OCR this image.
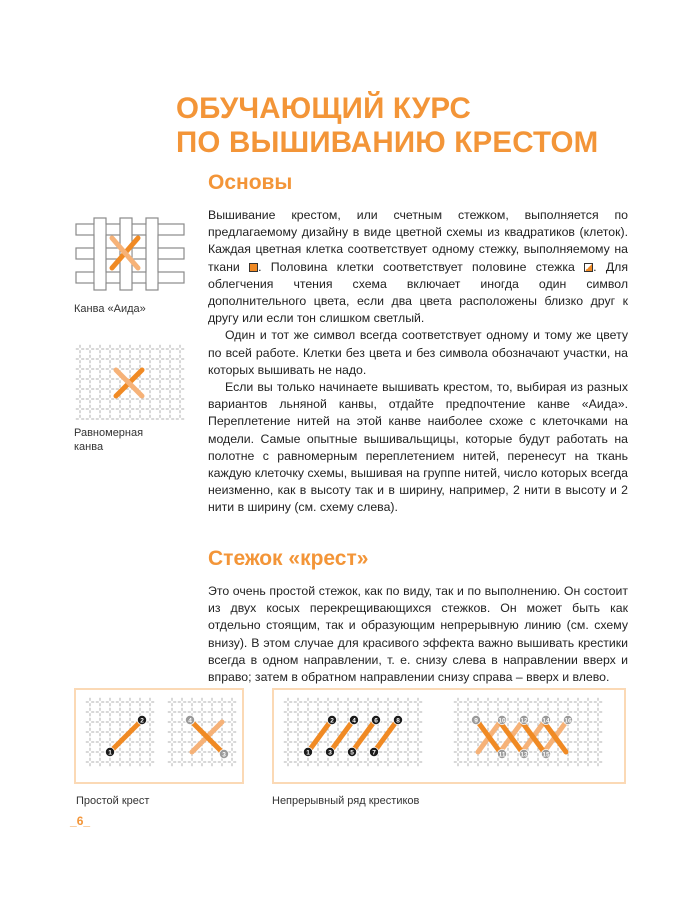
ОБУЧАЮЩИЙ КУРС
ПО ВЫШИВАНИЮ КРЕСТОМ
Основы
Канва «Аида»
Равномерная канва

Вышивание крестом, или счетным стежком, выполняется по предлагаемому дизайну в виде цветной схемы из квадратиков (клеток). Каждая цветная клетка соответствует одному стежку, выполняемому на ткани . Половина клетки соответствует половине стежка . Для облегчения чтения схема включает иногда один символ дополнительного цвета, если два цвета расположены близко друг к другу или если тон слишком светлый.

Один и тот же символ всегда соответствует одному и тому же цвету по всей работе. Клетки без цвета и без символа обозначают участки, на которых вышивать не надо.

Если вы только начинаете вышивать крестом, то, выбирая из разных вариантов льняной канвы, отдайте предпочтение канве «Аида». Переплетение нитей на этой канве наиболее схоже с клеточками на модели. Самые опытные вышивальщицы, которые будут работать на полотне с равномерным переплетением нитей, перенесут на ткань каждую клеточку схемы, вышивая на группе нитей, число которых всегда неизменно, как в высоту так и в ширину, например, 2 нити в высоту и 2 нити в ширину (см. схему слева).

Стежок «крест»

Это очень простой стежок, как по виду, так и по выполнению. Он состоит из двух косых перекрещивающихся стежков. Он может быть как отдельно стоящим, так и образующим непрерывную линию (см. схему внизу). В этом случае для красивого эффекта важно вышивать крестики всегда в одном направлении, т. е. снизу слева в направлении вверх и вправо; затем в обратном направлении снизу справа – вверх и влево.

1
2
3
4
Простой крест
1
2
3
4
5
6
7
8	9	10 12 14 16
11 13 15
Непрерывный ряд крестиков
_6_
